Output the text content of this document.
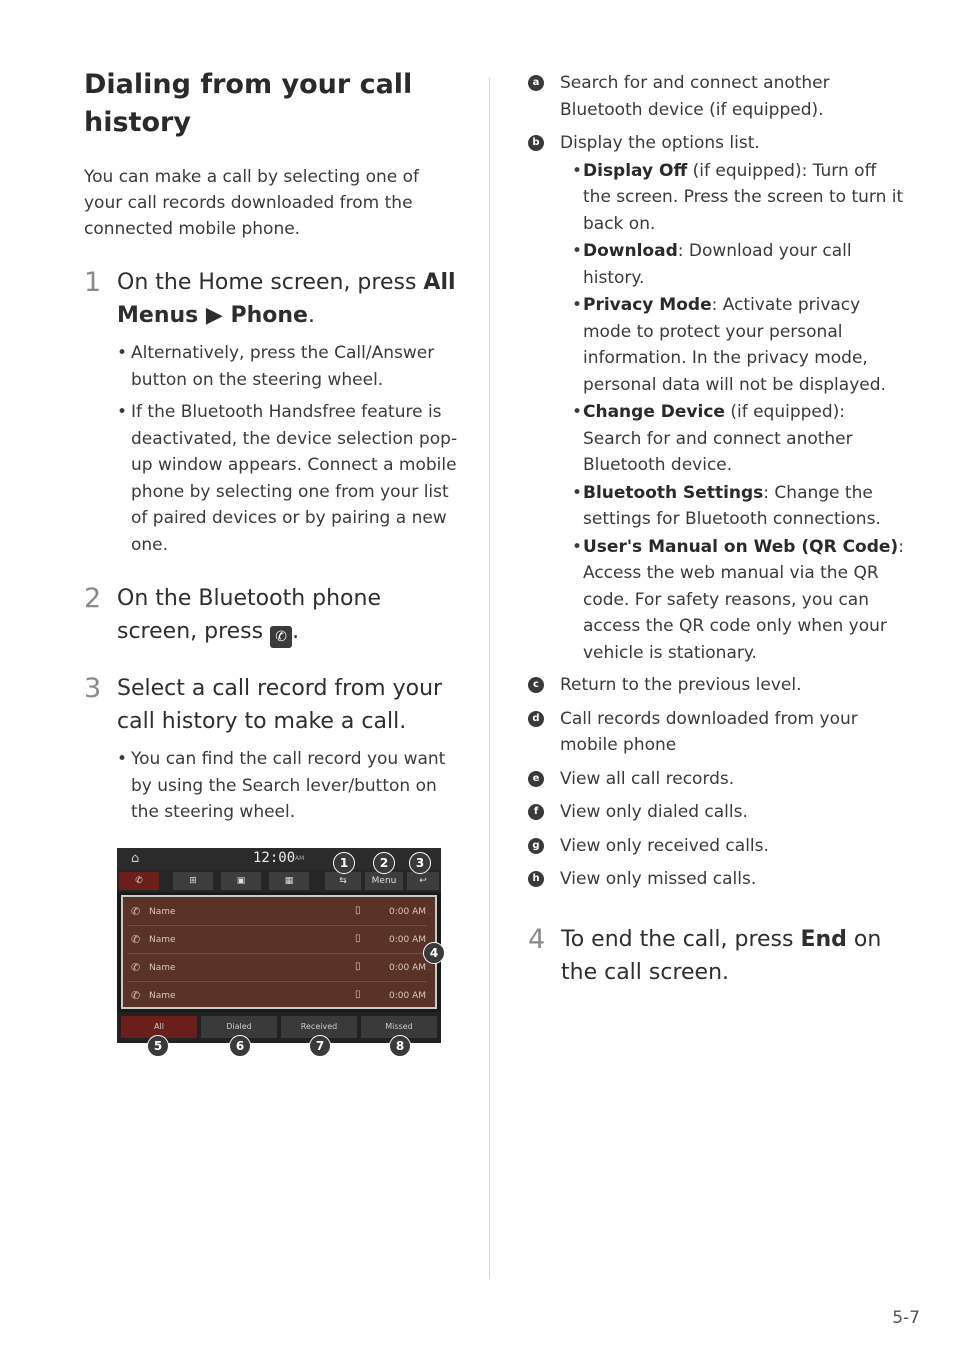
Dialing from your call history

You can make a call by selecting one of your call records downloaded from the connected mobile phone.

1 On the Home screen, press All Menus ▶ Phone.
• Alternatively, press the Call/Answer button on the steering wheel.
• If the Bluetooth Handsfree feature is deactivated, the device selection pop-up window appears. Connect a mobile phone by selecting one from your list of paired devices or by pairing a new one.
2 On the Bluetooth phone screen, press ✆ .
3 Select a call record from your call history to make a call.
• You can find the call record you want by using the Search lever/button on the steering wheel.
⌂	12:00 AM
✆	⊞	▣	▦	⇆	Menu	↩
✆ Name	▯	0:00 AM
✆ Name	▯	0:00 AM
✆ Name	▯	0:00 AM
✆ Name	▯	0:00 AM
All	Dialed	Received	Missed
1	2	3
4
5	6	7	8
a Search for and connect another Bluetooth device (if equipped).
b Display the options list.
• Display Off (if equipped): Turn off the screen. Press the screen to turn it back on.
• Download: Download your call history.
• Privacy Mode: Activate privacy mode to protect your personal information. In the privacy mode, personal data will not be displayed.
• Change Device (if equipped): Search for and connect another Bluetooth device.
• Bluetooth Settings: Change the settings for Bluetooth connections.
• User's Manual on Web (QR Code): Access the web manual via the QR code. For safety reasons, you can access the QR code only when your vehicle is stationary.
c Return to the previous level.
d Call records downloaded from your mobile phone
e View all call records.
f	View only dialed calls.
g View only received calls.
h View only missed calls.
4 To end the call, press End on the call screen.
5-7
